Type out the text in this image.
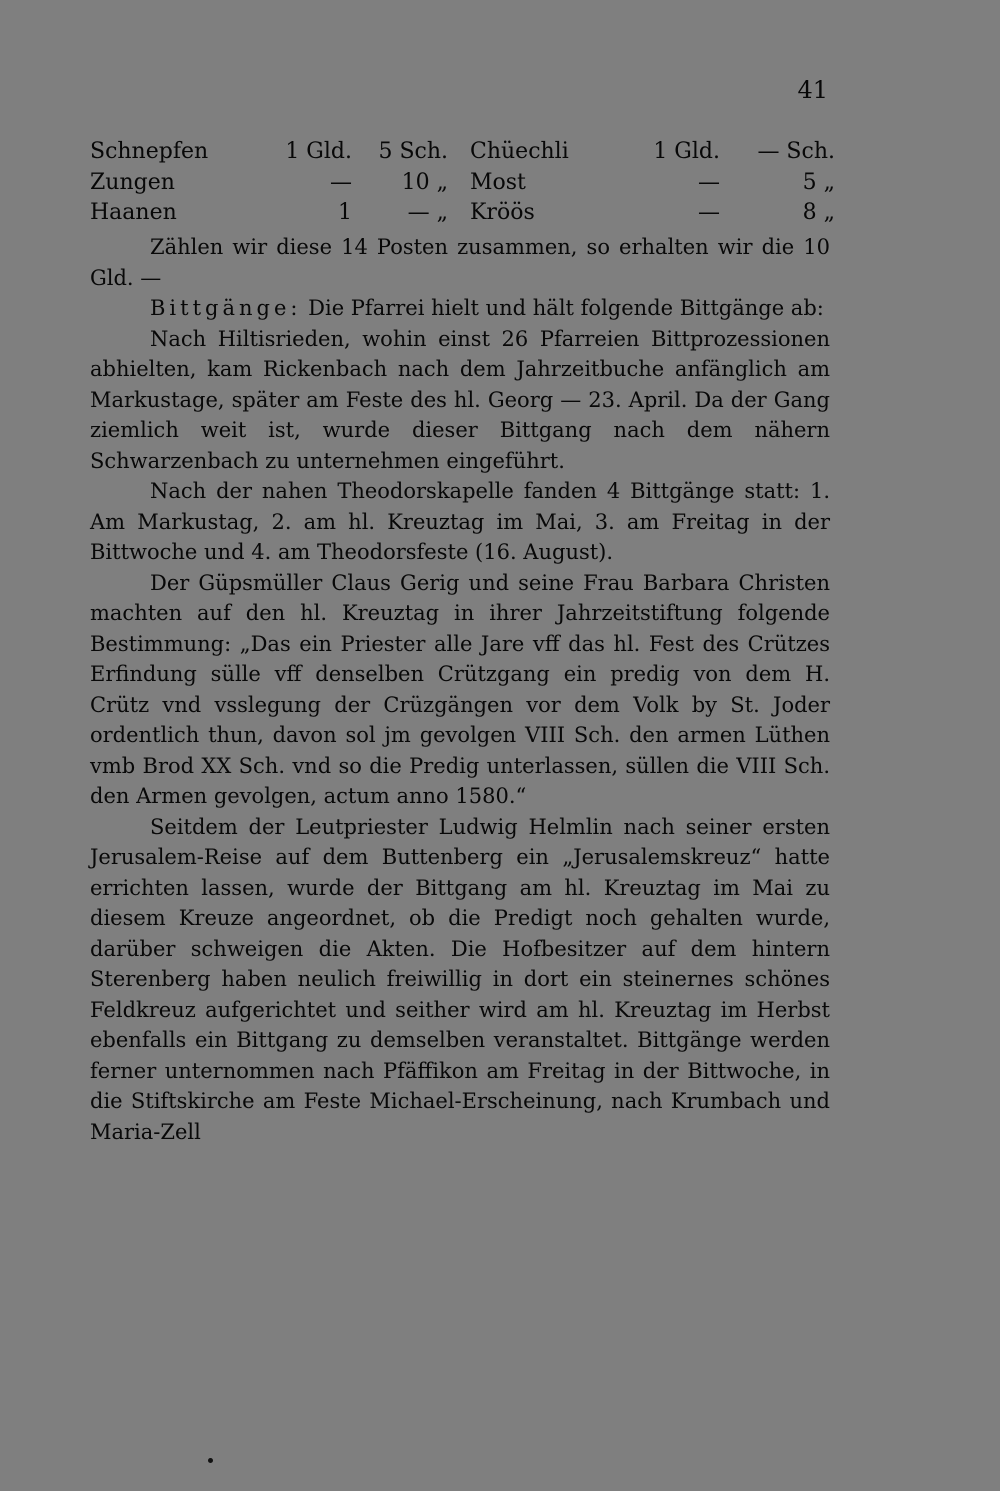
41
Schnepfen	1 Gld.	5 Sch. Chüechli	1 Gld.	— Sch.
Zungen	—	10 „ Most	—	5 „
Haanen	1	— „ Kröös	—	8 „

Zählen wir diese 14 Posten zusammen, so erhalten wir die 10 Gld. —

Bittgänge: Die Pfarrei hielt und hält folgende Bittgänge ab:

Nach Hiltisrieden, wohin einst 26 Pfarreien Bittprozessionen abhielten, kam Rickenbach nach dem Jahrzeitbuche anfänglich am Markustage, später am Feste des hl. Georg — 23. April. Da der Gang ziemlich weit ist, wurde dieser Bittgang nach dem nähern Schwarzenbach zu unternehmen eingeführt.

Nach der nahen Theodorskapelle fanden 4 Bittgänge statt: 1. Am Markustag, 2. am hl. Kreuztag im Mai, 3. am Freitag in der Bittwoche und 4. am Theodorsfeste (16. August).

Der Güpsmüller Claus Gerig und seine Frau Barbara Christen machten auf den hl. Kreuztag in ihrer Jahrzeitstiftung folgende Bestimmung: „Das ein Priester alle Jare vff das hl. Fest des Crützes Erfindung sülle vff denselben Crützgang ein predig von dem H. Crütz vnd vsslegung der Crüzgängen vor dem Volk by St. Joder ordentlich thun, davon sol jm gevolgen VIII Sch. den armen Lüthen vmb Brod XX Sch. vnd so die Predig unterlassen, süllen die VIII Sch. den Armen gevolgen, actum anno 1580.“

Seitdem der Leutpriester Ludwig Helmlin nach seiner ersten Jerusalem-Reise auf dem Buttenberg ein „Jerusalemskreuz“ hatte errichten lassen, wurde der Bittgang am hl. Kreuztag im Mai zu diesem Kreuze angeordnet, ob die Predigt noch gehalten wurde, darüber schweigen die Akten. Die Hofbesitzer auf dem hintern Sterenberg haben neulich freiwillig in dort ein steinernes schönes Feldkreuz aufgerichtet und seither wird am hl. Kreuztag im Herbst ebenfalls ein Bittgang zu demselben veranstaltet. Bittgänge werden ferner unternommen nach Pfäffikon am Freitag in der Bittwoche, in die Stiftskirche am Feste Michael-Erscheinung, nach Krumbach und Maria-Zell
